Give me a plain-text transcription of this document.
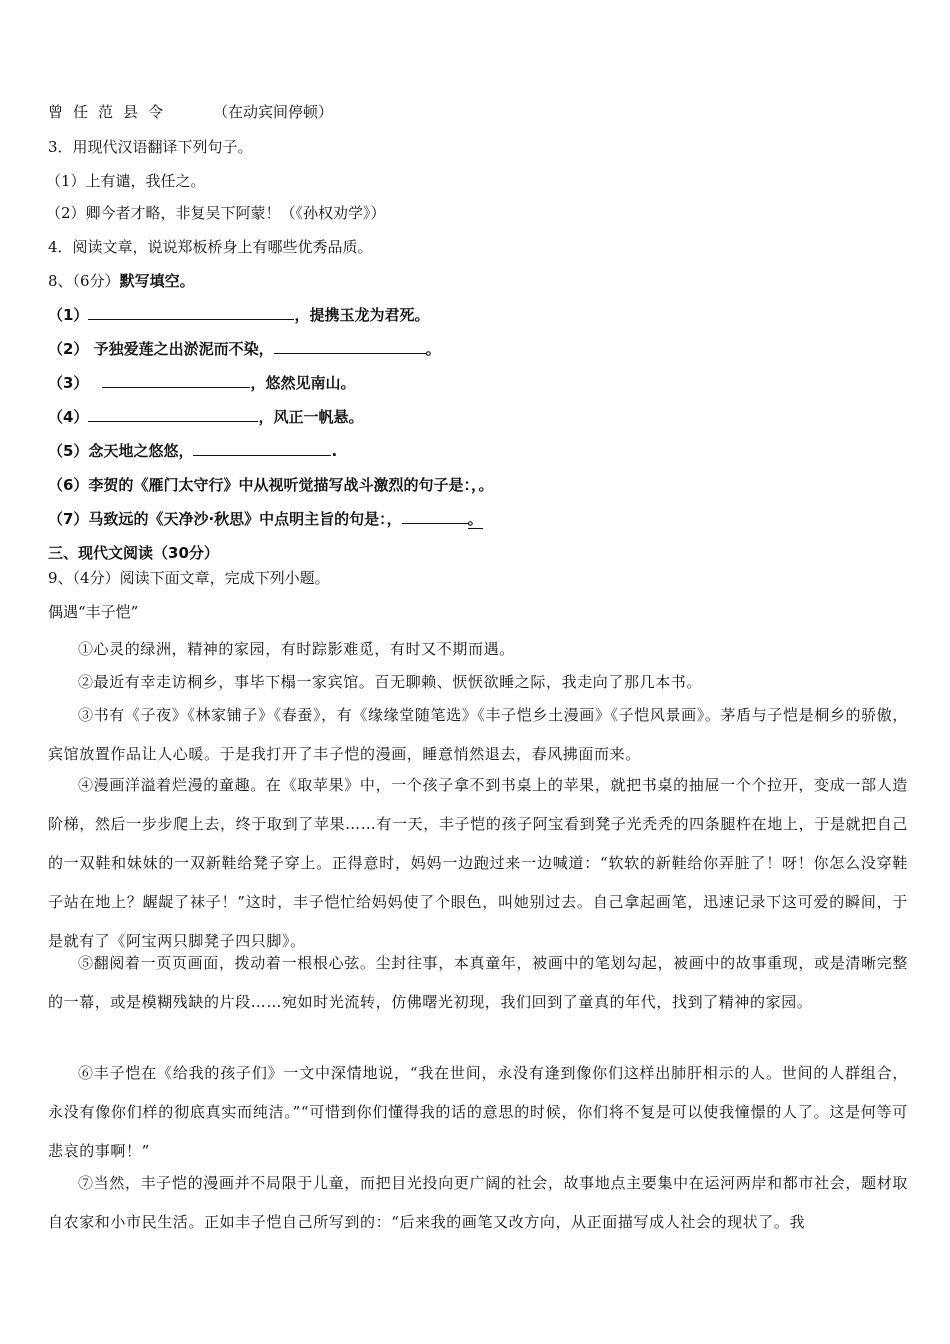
曾任范县令	（在动宾间停顿）
3．用现代汉语翻译下列句子。
（1）上有谴，我任之。
（2）卿今者才略，非复吴下阿蒙！（《孙权劝学》）
4．阅读文章，说说郑板桥身上有哪些优秀品质。
8、（6分）默写填空。
（1）	，提携玉龙为君死。
（2） 予独爱莲之出淤泥而不染，	。
（3）	，悠然见南山。
（4）	，风正一帆悬。
（5）念天地之悠悠，	.
（6）李贺的《雁门太守行》中从视听觉描写战斗激烈的句子是：，。
（7）马致远的《天净沙·秋思》中点明主旨的句是：，	。
三、现代文阅读（30分）
9、（4分）阅读下面文章，完成下列小题。
偶遇“丰子恺”
①心灵的绿洲，精神的家园，有时踪影难觅，有时又不期而遇。
②最近有幸走访桐乡，事毕下榻一家宾馆。百无聊赖、恹恹欲睡之际，我走向了那几本书。
③书有《子夜》《林家铺子》《春蚕》，有《缘缘堂随笔选》《丰子恺乡土漫画》《子恺风景画》。茅盾与子恺是桐乡的骄傲，宾馆放置作品让人心暖。于是我打开了丰子恺的漫画，睡意悄然退去，春风拂面而来。
④漫画洋溢着烂漫的童趣。在《取苹果》中，一个孩子拿不到书桌上的苹果，就把书桌的抽屉一个个拉开，变成一部人造阶梯，然后一步步爬上去，终于取到了苹果……有一天，丰子恺的孩子阿宝看到凳子光秃秃的四条腿杵在地上，于是就把自己的一双鞋和妹妹的一双新鞋给凳子穿上。正得意时，妈妈一边跑过来一边喊道：“软软的新鞋给你弄脏了！呀！你怎么没穿鞋子站在地上？龌龊了袜子！”这时，丰子恺忙给妈妈使了个眼色，叫她别过去。自己拿起画笔，迅速记录下这可爱的瞬间，于是就有了《阿宝两只脚凳子四只脚》。
⑤翻阅着一页页画面，拨动着一根根心弦。尘封往事，本真童年，被画中的笔划勾起，被画中的故事重现，或是清晰完整的一幕，或是模糊残缺的片段……宛如时光流转，仿佛曙光初现，我们回到了童真的年代，找到了精神的家园。
⑥丰子恺在《给我的孩子们》一文中深情地说，“我在世间，永没有逢到像你们这样出肺肝相示的人。世间的人群组合，永没有像你们样的彻底真实而纯洁。”“可惜到你们懂得我的话的意思的时候，你们将不复是可以使我憧憬的人了。这是何等可悲哀的事啊！”
⑦当然，丰子恺的漫画并不局限于儿童，而把目光投向更广阔的社会，故事地点主要集中在运河两岸和都市社会，题材取自农家和小市民生活。正如丰子恺自己所写到的：“后来我的画笔又改方向，从正面描写成人社会的现状了。我
